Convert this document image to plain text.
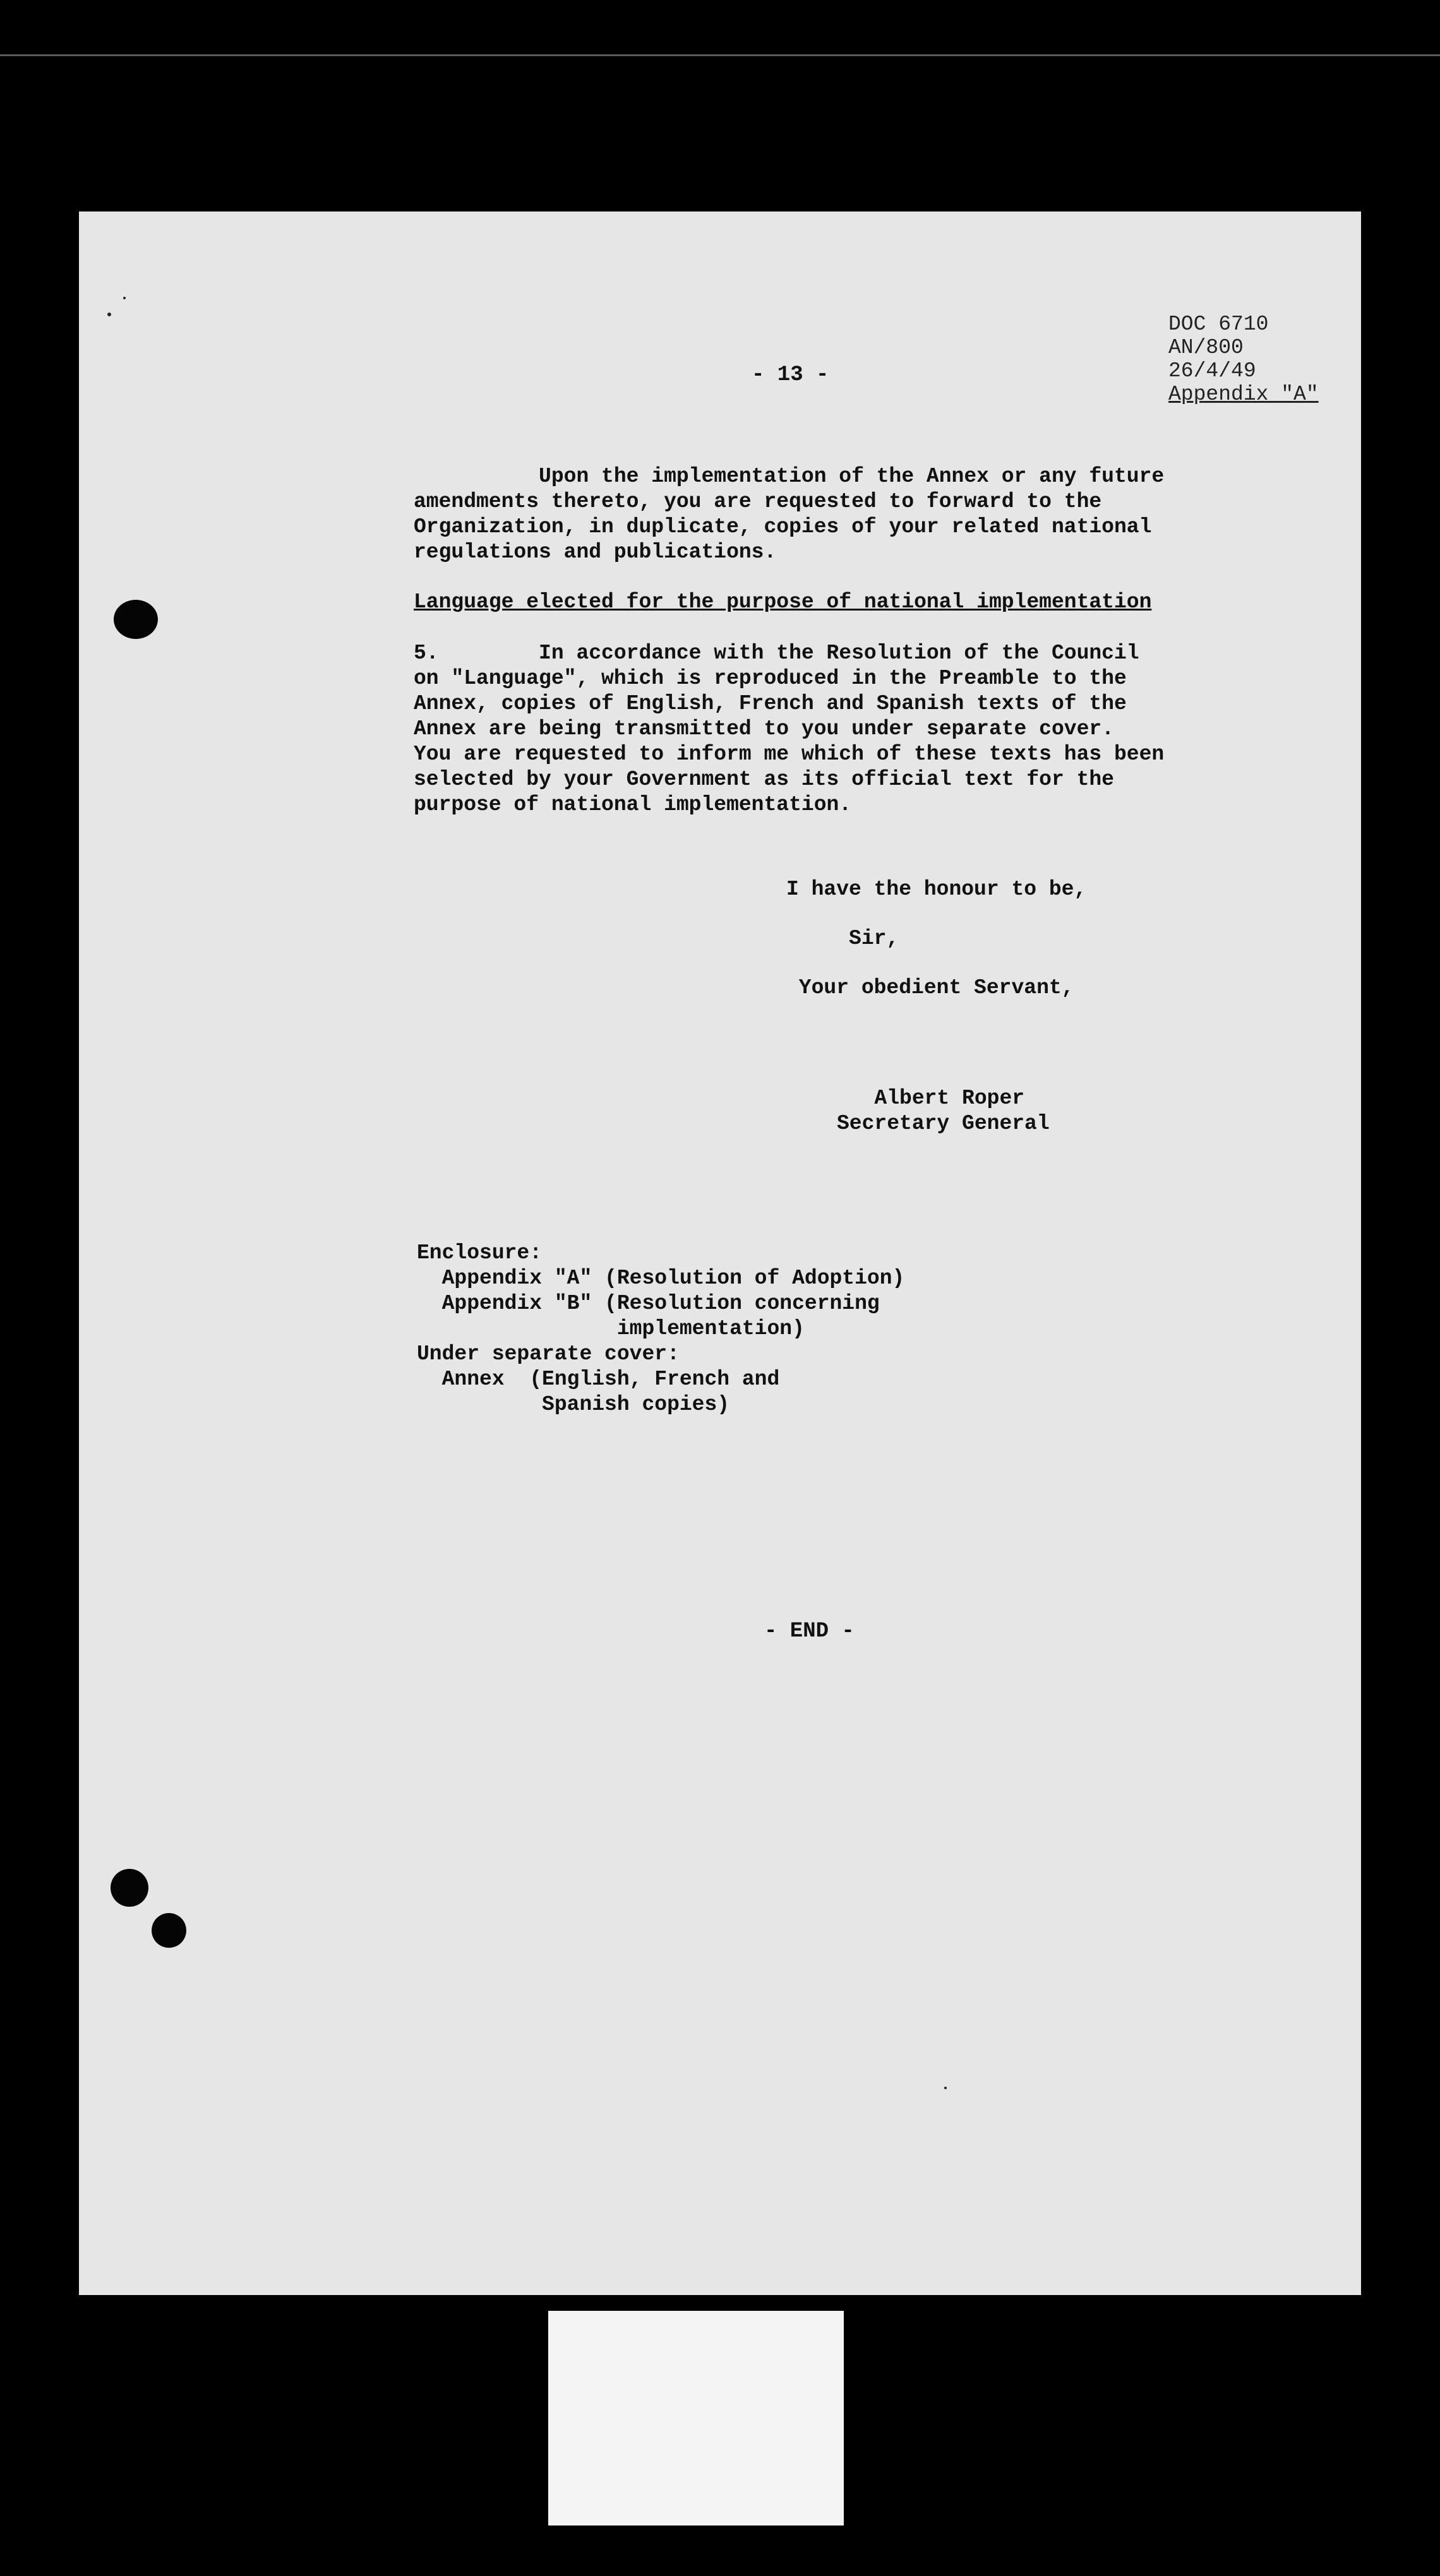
DOC 6710
AN/800
26/4/49
Appendix "A"
- 13 -
Upon the implementation of the Annex or any future
amendments thereto, you are requested to forward to the
Organization, in duplicate, copies of your related national
regulations and publications.
Language elected for the purpose of national implementation
5.        In accordance with the Resolution of the Council
on "Language", which is reproduced in the Preamble to the
Annex, copies of English, French and Spanish texts of the
Annex are being transmitted to you under separate cover.
You are requested to inform me which of these texts has been
selected by your Government as its official text for the
purpose of national implementation.
I have the honour to be,
Sir,
Your obedient Servant,
Albert Roper
Secretary General
Enclosure:
Appendix "A" (Resolution of Adoption)
Appendix "B" (Resolution concerning
implementation)
Under separate cover:
Annex  (English, French and
Spanish copies)
- END -
